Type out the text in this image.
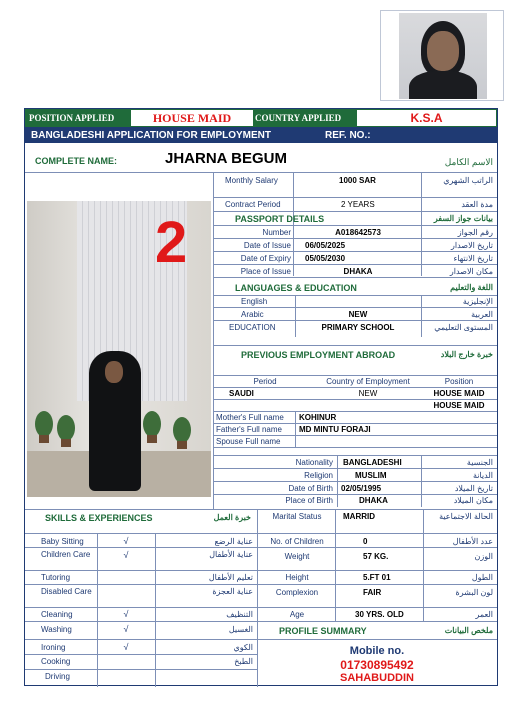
POSITION APPLIED	HOUSE MAID	COUNTRY APPLIED	K.S.A
BANGLADESHI APPLICATION FOR EMPLOYMENT	REF. NO.:
COMPLETE NAME:	JHARNA BEGUM	الاسم الكامل
2
Monthly Salary	1000 SAR	الراتب الشهري
Contract Period	2 YEARS	مدة العقد
PASSPORT DETAILS	بيانات جواز السفر
Number	A018642573	رقم الجواز
Date of Issue 06/05/2025	تاريخ الاصدار
Date of Expiry 05/05/2030	تاريخ الانتهاء
Place of Issue	DHAKA	مكان الاصدار
LANGUAGES & EDUCATION	اللغة والتعليم
English	الإنجليزية
Arabic	NEW	العربية
EDUCATION	PRIMARY SCHOOL	المستوى التعليمي
PREVIOUS EMPLOYMENT ABROAD	خبرة خارج البلاد
Period	Country of Employment	Position
SAUDI	NEW	HOUSE MAID
HOUSE MAID
Mother's Full name KOHINUR
Father's Full name MD MINTU FORAJI
Spouse Full name
Nationality BANGLADESHI	الجنسية
Religion	MUSLIM	الديانة
Date of Birth 02/05/1995	تاريخ الميلاد
Place of Birth	DHAKA	مكان الميلاد
SKILLS & EXPERIENCES	خبرة العمل
Baby Sitting	√	عناية الرضع
Children Care	√	عناية الأطفال
Tutoring	تعليم الأطفال
Disabled Care	عناية العجزة
Cleaning	√	التنظيف
Washing	√	الغسيل
Ironing	√	الكوي
Cooking	الطبخ
Driving
Marital Status	MARRID	الحالة الاجتماعية
No. of Children	0	عدد الأطفال
Weight	57 KG.	الوزن
Height	5.FT 01	الطول
Complexion	FAIR	لون البشرة
Age	30 YRS. OLD	العمر
PROFILE SUMMARY	ملخص البيانات
Mobile no.
01730895492
SAHABUDDIN
